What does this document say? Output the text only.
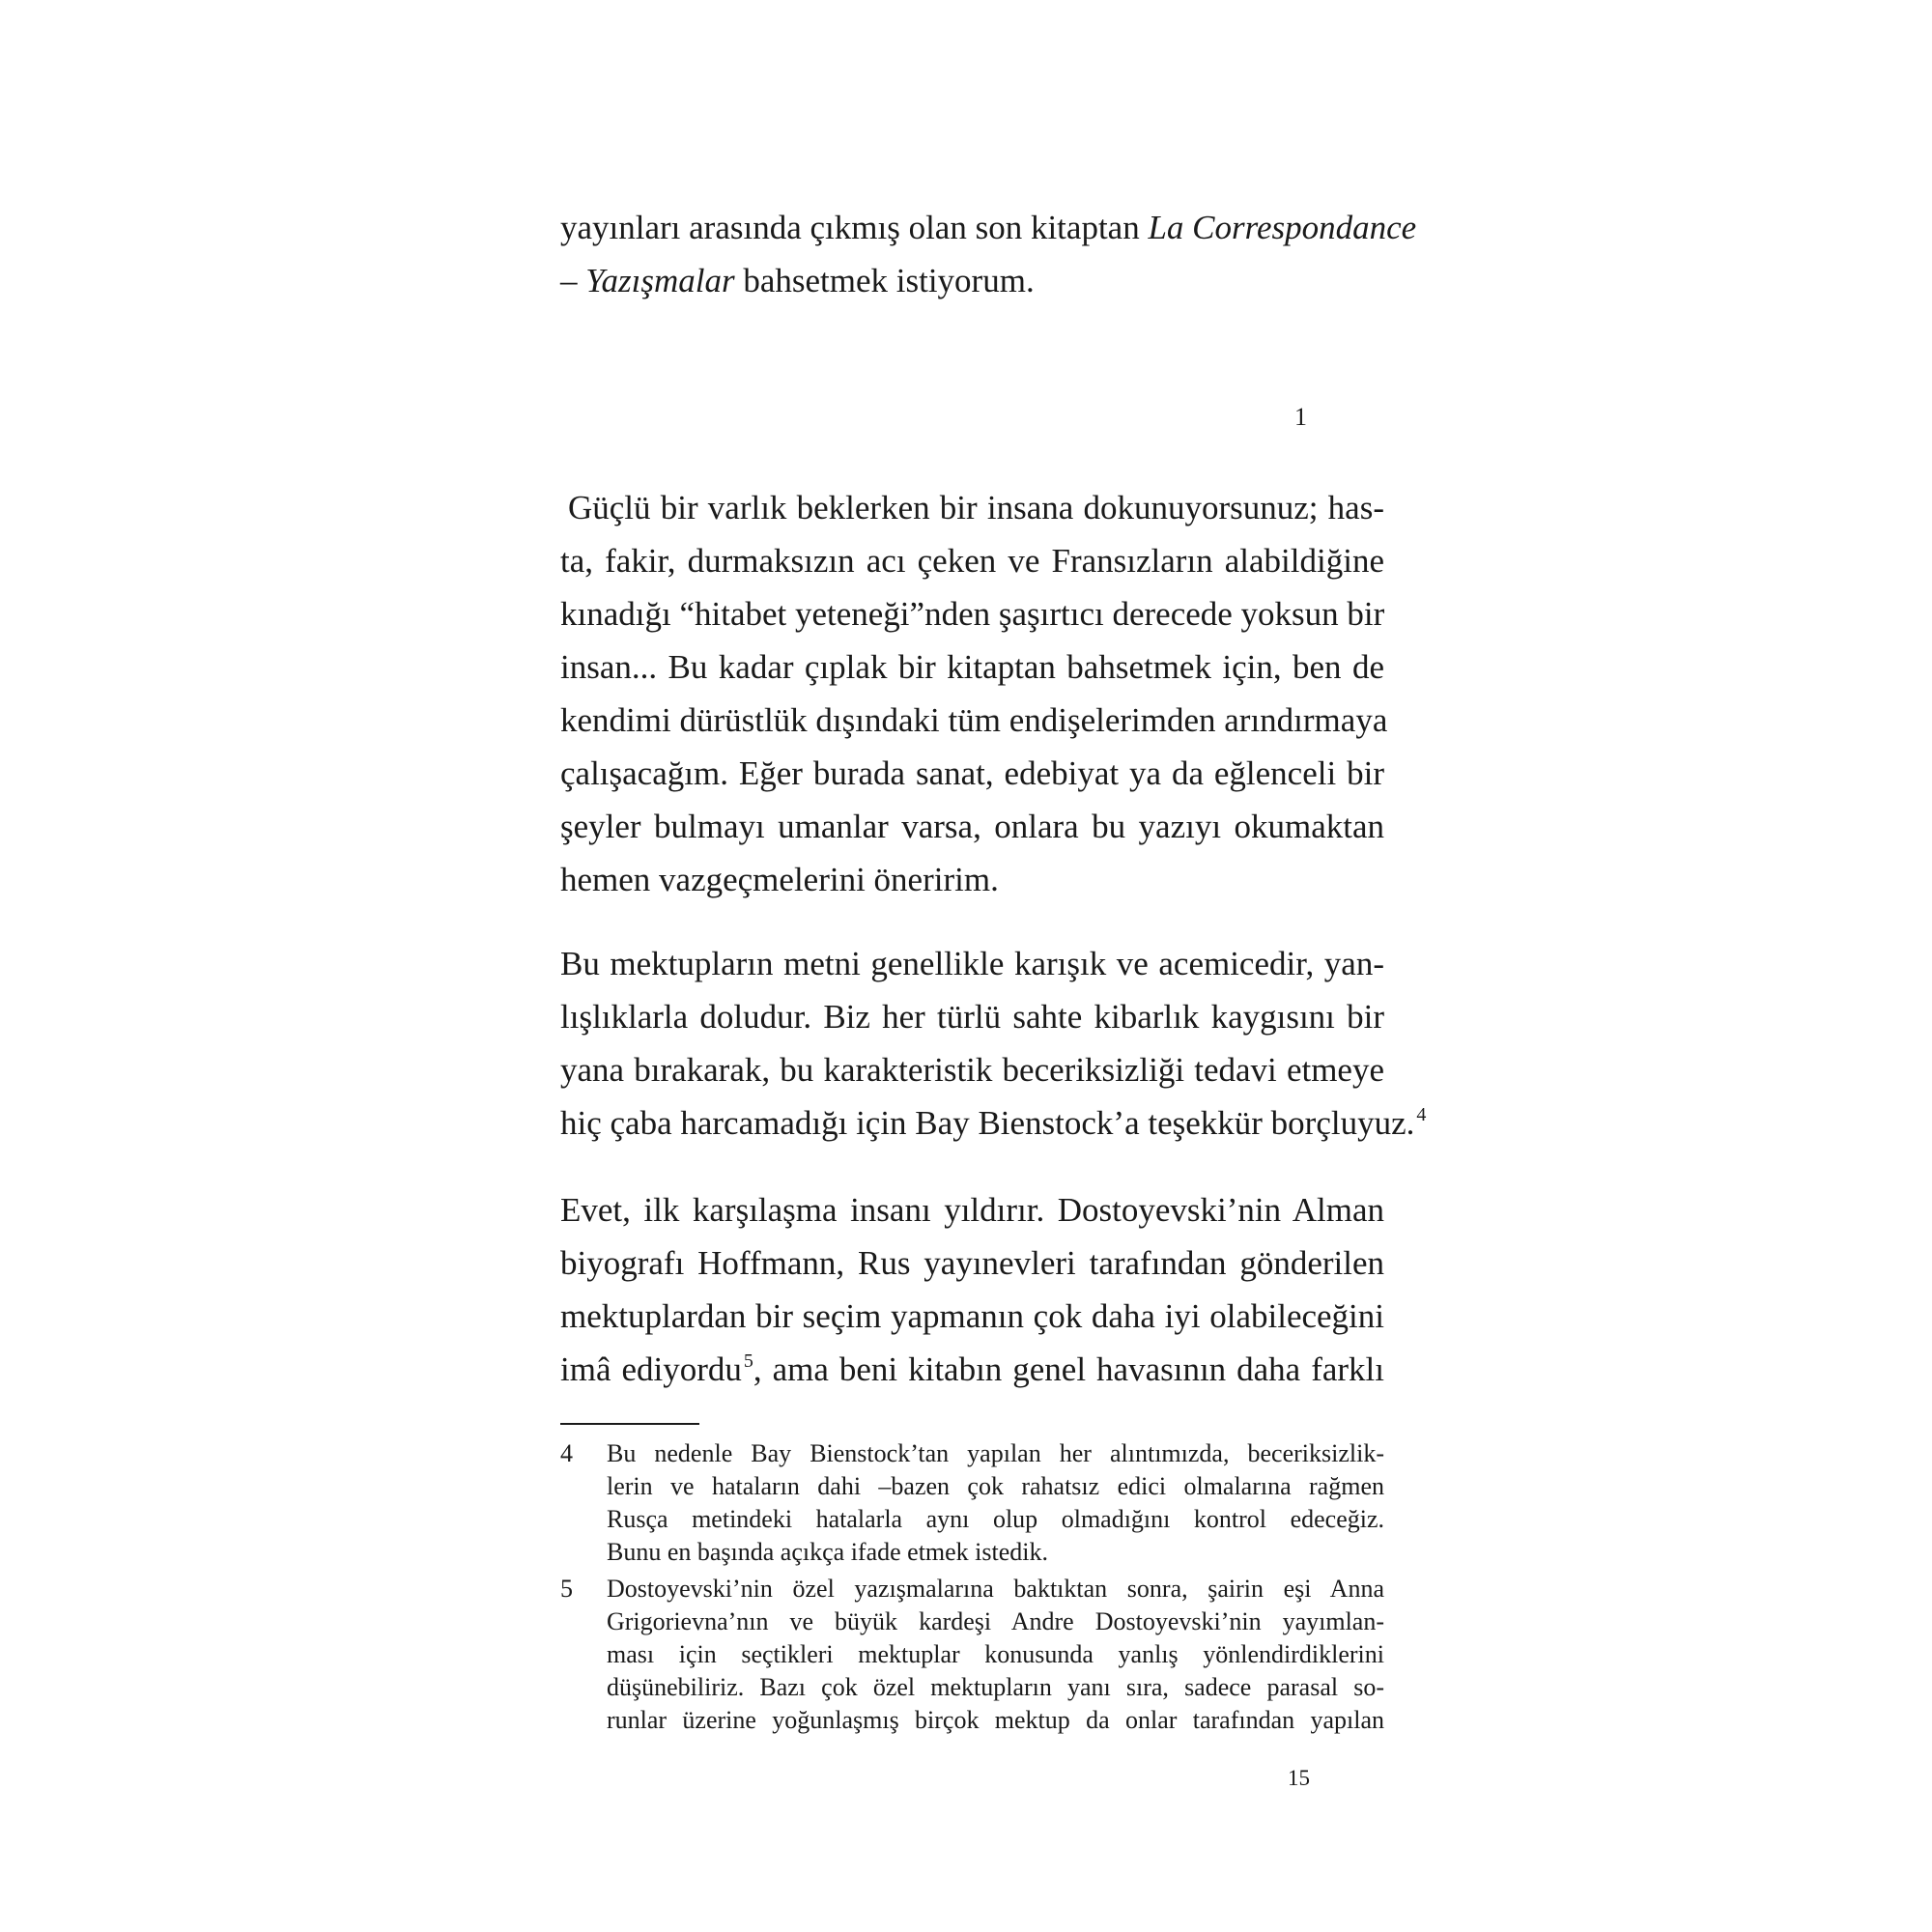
yayınları arasında çıkmış olan son kitaptan La Correspondance
– Yazışmalar bahsetmek istiyorum.
1
Güçlü bir varlık beklerken bir insana dokunuyorsunuz; has-
ta, fakir, durmaksızın acı çeken ve Fransızların alabildiğine
kınadığı “hitabet yeteneği”nden şaşırtıcı derecede yoksun bir
insan... Bu kadar çıplak bir kitaptan bahsetmek için, ben de
kendimi dürüstlük dışındaki tüm endişelerimden arındırmaya
çalışacağım. Eğer burada sanat, edebiyat ya da eğlenceli bir
şeyler bulmayı umanlar varsa, onlara bu yazıyı okumaktan
hemen vazgeçmelerini öneririm.
Bu mektupların metni genellikle karışık ve acemicedir, yan-
lışlıklarla doludur. Biz her türlü sahte kibarlık kaygısını bir
yana bırakarak, bu karakteristik beceriksizliği tedavi etmeye
hiç çaba harcamadığı için Bay Bienstock’a teşekkür borçluyuz. $^4$
Evet, ilk karşılaşma insanı yıldırır. Dostoyevski’nin Alman
biyografı Hoffmann, Rus yayınevleri tarafından gönderilen
mektuplardan bir seçim yapmanın çok daha iyi olabileceğini
imâ ediyordu $^5$, ama beni kitabın genel havasının daha farklı
4	Bu nedenle Bay Bienstock’tan yapılan her alıntımızda, beceriksizlik-
lerin ve hataların dahi –bazen çok rahatsız edici olmalarına rağmen
Rusça metindeki hatalarla aynı olup olmadığını kontrol edeceğiz.
Bunu en başında açıkça ifade etmek istedik.
5	Dostoyevski’nin özel yazışmalarına baktıktan sonra, şairin eşi Anna
Grigorievna’nın ve büyük kardeşi Andre Dostoyevski’nin yayımlan-
ması için seçtikleri mektuplar konusunda yanlış yönlendirdiklerini
düşünebiliriz. Bazı çok özel mektupların yanı sıra, sadece parasal so-
runlar üzerine yoğunlaşmış birçok mektup da onlar tarafından yapılan
15
